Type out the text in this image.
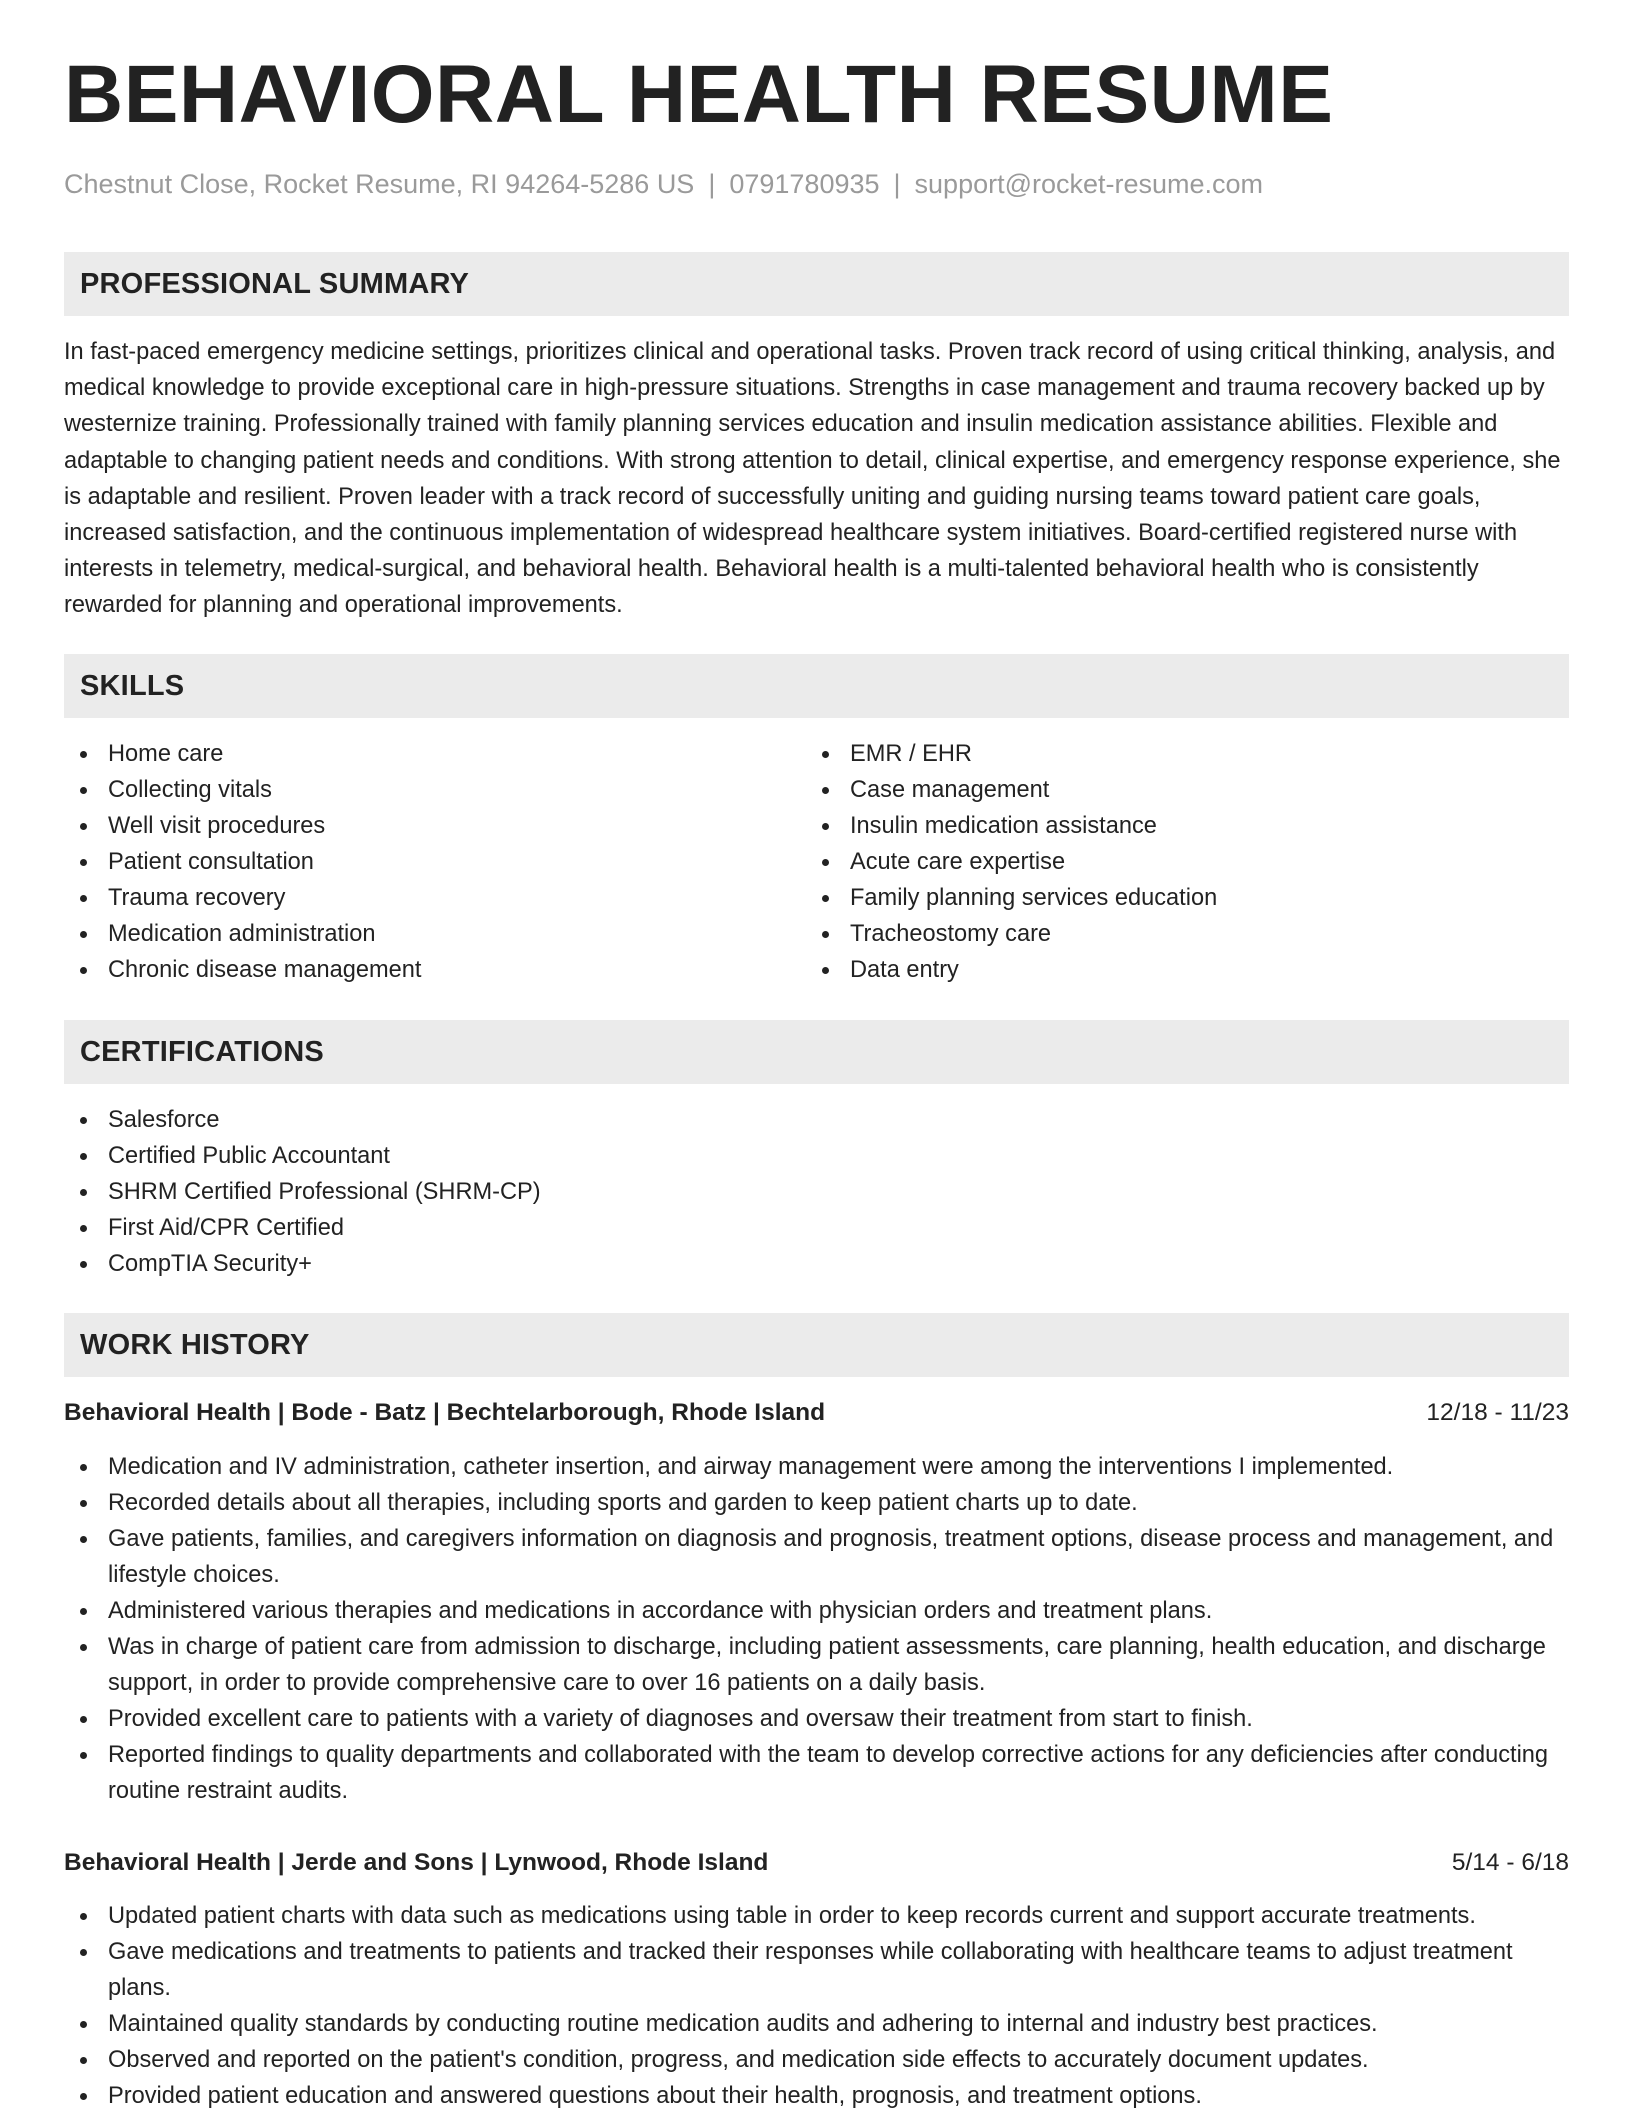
BEHAVIORAL HEALTH RESUME
Chestnut Close, Rocket Resume, RI 94264-5286 US | 0791780935 | support@rocket-resume.com
PROFESSIONAL SUMMARY

In fast-paced emergency medicine settings, prioritizes clinical and operational tasks. Proven track record of using critical thinking, analysis, and medical knowledge to provide exceptional care in high-pressure situations. Strengths in case management and trauma recovery backed up by westernize training. Professionally trained with family planning services education and insulin medication assistance abilities. Flexible and adaptable to changing patient needs and conditions. With strong attention to detail, clinical expertise, and emergency response experience, she is adaptable and resilient. Proven leader with a track record of successfully uniting and guiding nursing teams toward patient care goals, increased satisfaction, and the continuous implementation of widespread healthcare system initiatives. Board-certified registered nurse with interests in telemetry, medical-surgical, and behavioral health. Behavioral health is a multi-talented behavioral health who is consistently rewarded for planning and operational improvements.

SKILLS
Home care
Collecting vitals
Well visit procedures
Patient consultation
Trauma recovery
Medication administration
Chronic disease management
EMR / EHR
Case management
Insulin medication assistance
Acute care expertise
Family planning services education
Tracheostomy care
Data entry
CERTIFICATIONS
Salesforce
Certified Public Accountant
SHRM Certified Professional (SHRM-CP)
First Aid/CPR Certified
CompTIA Security+
WORK HISTORY
Behavioral Health | Bode - Batz | Bechtelarborough, Rhode Island	12/18 - 11/23
Medication and IV administration, catheter insertion, and airway management were among the interventions I implemented.
Recorded details about all therapies, including sports and garden to keep patient charts up to date.
Gave patients, families, and caregivers information on diagnosis and prognosis, treatment options, disease process and management, and lifestyle choices.
Administered various therapies and medications in accordance with physician orders and treatment plans.
Was in charge of patient care from admission to discharge, including patient assessments, care planning, health education, and discharge support, in order to provide comprehensive care to over 16 patients on a daily basis.
Provided excellent care to patients with a variety of diagnoses and oversaw their treatment from start to finish.
Reported findings to quality departments and collaborated with the team to develop corrective actions for any deficiencies after conducting routine restraint audits.
Behavioral Health | Jerde and Sons | Lynwood, Rhode Island	5/14 - 6/18
Updated patient charts with data such as medications using table in order to keep records current and support accurate treatments.
Gave medications and treatments to patients and tracked their responses while collaborating with healthcare teams to adjust treatment plans.
Maintained quality standards by conducting routine medication audits and adhering to internal and industry best practices.
Observed and reported on the patient's condition, progress, and medication side effects to accurately document updates.
Provided patient education and answered questions about their health, prognosis, and treatment options.
